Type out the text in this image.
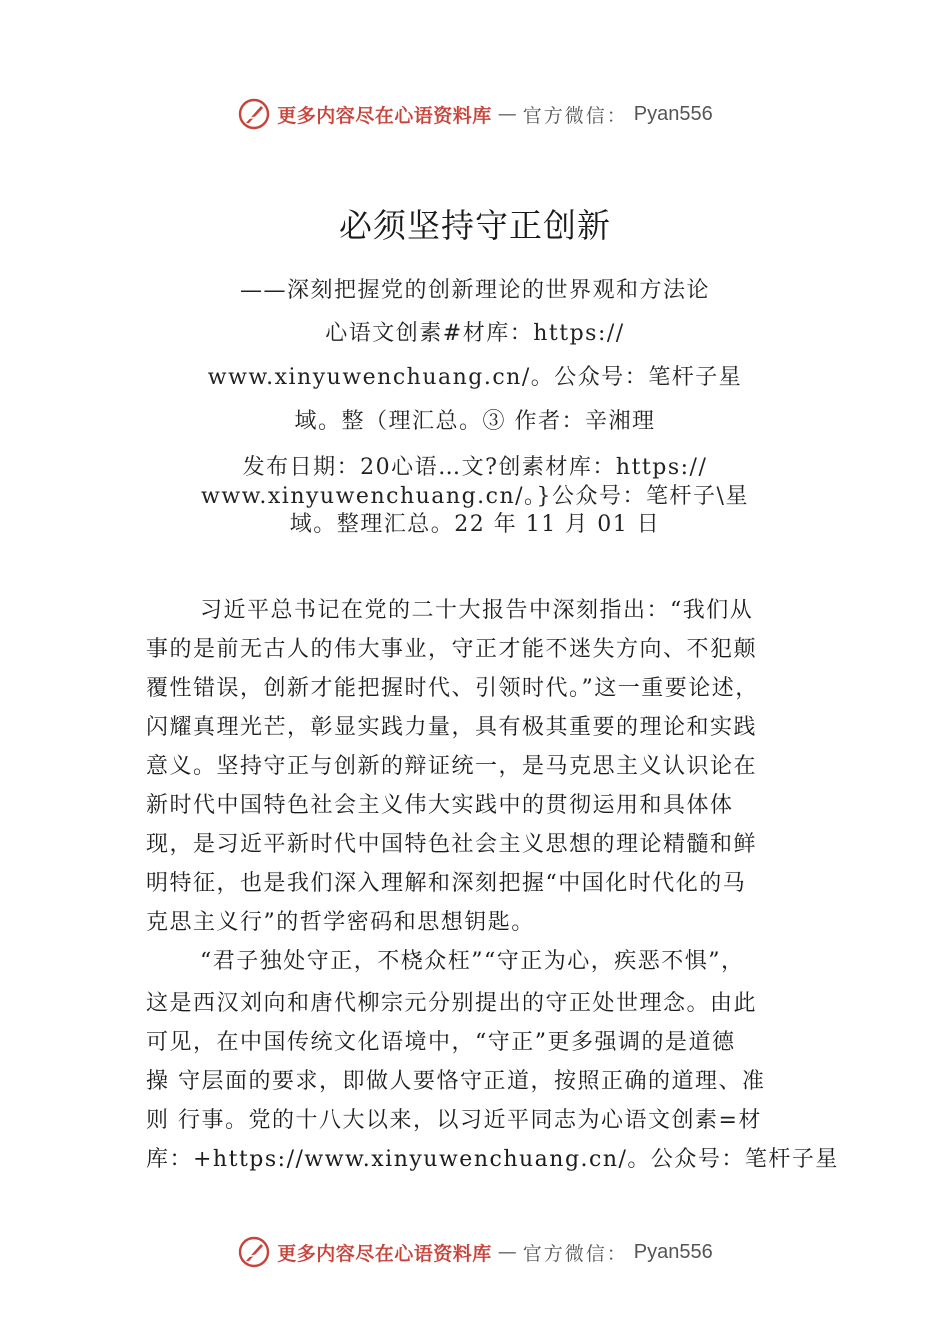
更多内容尽在心语资料库 — 官方微信： Pyan556
必须坚持守正创新
——深刻把握党的创新理论的世界观和方法论
心语文创素#材库：https://
www.xinyuwenchuang.cn/。公众号：笔杆子星
域。整（理汇总。③ 作者：辛湘理
发布日期：20心语…文?创素材库：https://
www.xinyuwenchuang.cn/。}公众号：笔杆子\星
域。整理汇总。22 年 11 月 01 日
习近平总书记在党的二十大报告中深刻指出：“我们从
事的是前无古人的伟大事业，守正才能不迷失方向、不犯颠
覆性错误，创新才能把握时代、引领时代。”这一重要论述，
闪耀真理光芒，彰显实践力量，具有极其重要的理论和实践
意义。坚持守正与创新的辩证统一，是马克思主义认识论在
新时代中国特色社会主义伟大实践中的贯彻运用和具体体
现，是习近平新时代中国特色社会主义思想的理论精髓和鲜
明特征，也是我们深入理解和深刻把握“中国化时代化的马
克思主义行”的哲学密码和思想钥匙。
“君子独处守正，不桡众枉”“守正为心，疾恶不惧”，
这是西汉刘向和唐代柳宗元分别提出的守正处世理念。由此
可见，在中国传统文化语境中，“守正”更多强调的是道德
操 守层面的要求，即做人要恪守正道，按照正确的道理、准
则 行事。党的十八大以来，以习近平同志为心语文创素=材
库：+https://www.xinyuwenchuang.cn/。公众号：笔杆子星
更多内容尽在心语资料库 — 官方微信： Pyan556
